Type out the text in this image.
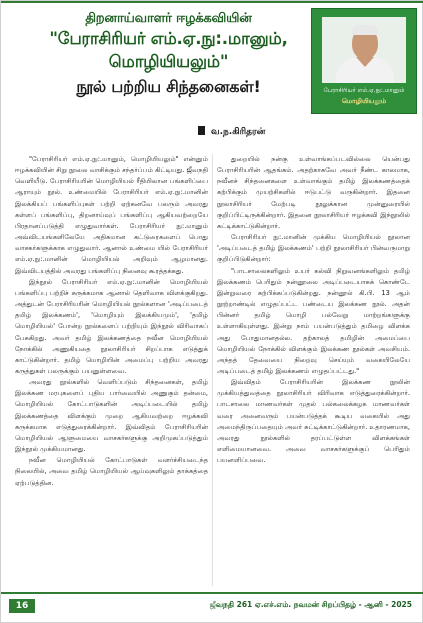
திறனாய்வாளர் ஈழக்கவியின்
"பேராசிரியர் எம்.ஏ.நு:.மானும்,
மொழியியலும்"
நூல் பற்றிய சிந்தனைகள்!	பேராசிரியர் எம்.ஏ.நு:.மானும்
மொழியியலும்
வ.ந.கிரிதரன்

"பேராசிரியர் எம்.ஏ.நு:.மானும், மொழியியலும்" என்னும் ஈழக்கவியின் சிறு நூலை வாசிக்கும் சந்தர்ப்பம் கிட்டியது. ஜீவநதி வெளியீடு. பேராசிரியரின் மொழியியல் ரீதியிலான பங்களிப்பை ஆராயும் நூல். உண்மையில் பேராசிரியர் எம்.ஏ.நு:.மானின் இலக்கியப் பங்களிப்புகள் பற்றி ஏற்கனவே பலரும் அவரது கள்ளப் பங்களிப்பு, திறனாய்வுப் பங்களிப்பு ஆகியவற்றையே பிரதானப்படுத்தி எழுதுவார்கள். பேராசிரியர் நு:.மானும் அவ்விடயங்களிலேயே அதிகமான கட்டுரைகளைப் பொது வாசகர்களுக்காக எழுதுவார். ஆனால் உண்மை யில் பேராசிரியர் எம்.ஏ.நு:.மானின் மொழியியல் அறிவும் ஆழமானது. இவ்விடயத்தில் அவரது பங்களிப்பு நினைவு கூரத்தக்கது.

இந்நூல் பேராசிரியர் எம்.ஏ.நு:.மானின் மொழியியல் பங்களிப்பு பற்றிச் சுருக்கமாக ஆனால் தெளிவாக விளக்குகிறது. அத்துடன் பேராசிரியரின் மொழியியல் நூல்களான 'அடிப்படைத் தமிழ் இலக்கணம்', 'மொழியும் இலக்கியமும்', 'தமிழ் மொழியியல்' போன்ற நூல்களைப் பற்றியும் இந்நூல் விரிவாகப் பேசுகிறது. அவர் தமிழ் இலக்கணத்தை நவீன மொழியியல் நோக்கில் அணுகியதை நூலாசிரியர் சிறப்பாக எடுத்துக் காட்டுகின்றார். தமிழ் மொழியின் அமைப்பு பற்றிய அவரது கருத்துகள் பலருக்கும் பயனுள்ளவை.

அவரது நூல்களில் வெளிப்படும் சிந்தனைகள், தமிழ் இலக்கண மரபுகளைப் புதிய பார்வையில் அணுகும் தன்மை, மொழியியல் கோட்பாடுகளின் அடிப்படையில் தமிழ் இலக்கணத்தை விளக்கும் முறை ஆகியவற்றை ஈழக்கவி சுருக்கமாக எடுத்துரைக்கின்றார். இவ்விதம் பேராசிரியரின் மொழியியல் ஆளுமையை வாசகர்களுக்கு அறிமுகப்படுத்தும் இந்நூல் முக்கியமானது.

நவீன மொழியியல் கோட்பாடுகள் வளர்ச்சியடைந்த நிலையில், அவை தமிழ் மொழியியல் ஆய்வுகளிலும் தாக்கத்தை ஏற்படுத்தின.

துறையில் நன்கு உள்வாங்கப்படவில்லை யென்பது பேராசிரியரின் ஆதங்கம். அதற்காகவே அவர் நீண்ட காலமாக, நவீனச் சிந்தனைகளை உள்வாங்கும் தமிழ் இலக்கணத்தைக் கற்பிக்கும் முயற்சிகளில் ஈடுபட்டு வருகின்றார். இதனை நூலாசிரியர் மேற்படி நூலுக்கான முன்னுரையில் குறிப்பிட்டிருக்கின்றார். இதனை நூலாசிரியர் ஈழக்கவி இந்நூலில் சுட்டிக்காட்டுகின்றார்.

பேராசிரியர் நு:.மானின் முக்கிய மொழியியல் நூலான 'அடிப்படைத் தமிழ் இலக்கணம்' பற்றி நூலாசிரியர் பின்வருமாறு குறிப்பிடுகின்றார்:

"பாடசாலைகளிலும் உயர் கல்வி நிறுவனங்களிலும் தமிழ் இலக்கணம் பெரிதும் நன்னூலை அடிப்படையாகக் கொண்டே இன்றுவரை கற்பிக்கப்படுகின்றது. நன்னூல் கி.பி. 13 ஆம் நூற்றாண்டில் எழுதப்பட்ட பண்டைய இலக்கண நூல். அதன் பின்னர் தமிழ் மொழி பல்வேறு மாற்றங்களுக்கு உள்ளாகியுள்ளது. இன்று நாம் பயன்படுத்தும் தமிழை விளக்க அது போதுமானதல்ல. தற்காலத் தமிழின் அமைப்பை மொழியியல் நோக்கில் விளக்கும் இலக்கண நூல்கள் அவசியம். அந்தத் தேவையை நிறைவு செய்யும் வகையிலேயே அடிப்படைத் தமிழ் இலக்கணம் எழுதப்பட்டது."

இவ்விதம் பேராசிரியரின் இலக்கண நூலின் முக்கியத்துவத்தை நூலாசிரியர் விரிவாக எடுத்துரைக்கின்றார். பாடசாலை மாணவர்கள் முதல் பல்கலைக்கழக மாணவர்கள் வரை அனைவரும் பயன்படுத்தக் கூடிய வகையில் அது அமைந்திருப்பதையும் அவர் சுட்டிக்காட்டுகின்றார். உதாரணமாக, அவரது நூல்களில் தரப்பட்டுள்ள விளக்கங்கள் எளிமையானவை. அவை வாசகர்களுக்குப் பெரிதும் பயனளிப்பவை.

16	ஜீவநதி 261 ஏ.எச்.எம். நவமன் சிறப்பிதழ் - ஆனி - 2025
